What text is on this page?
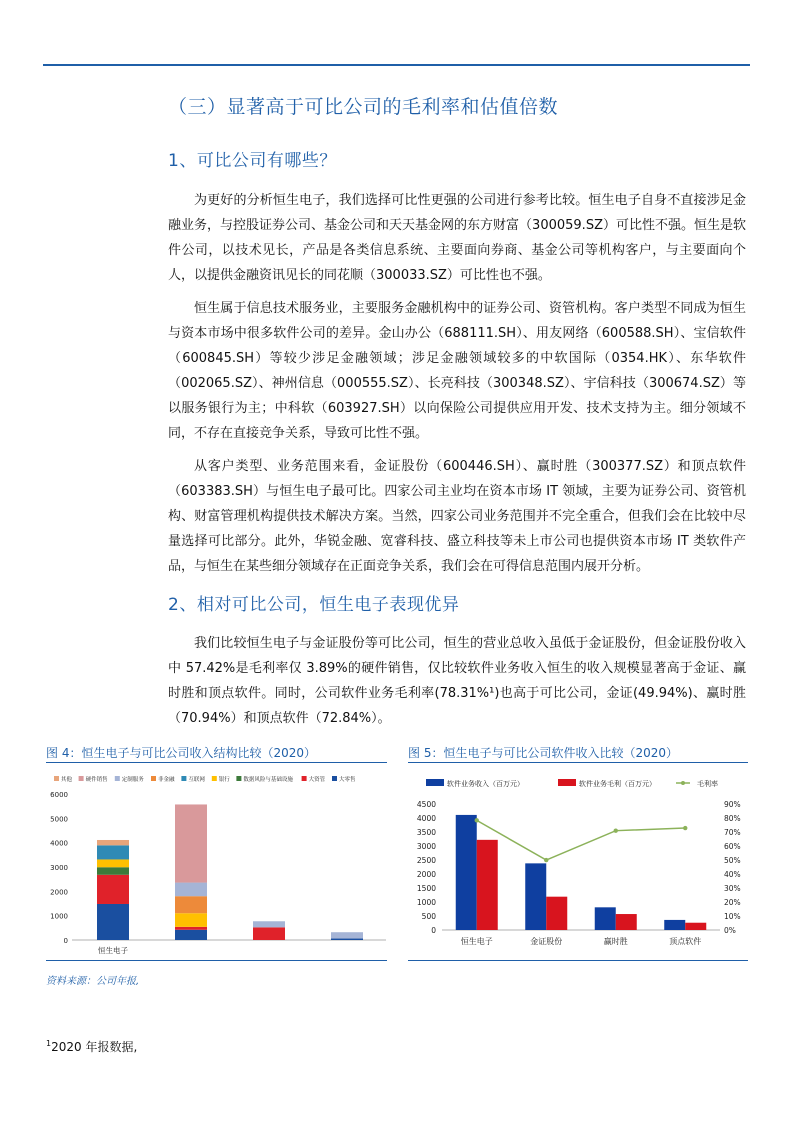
（三）显著高于可比公司的毛利率和估值倍数
1、可比公司有哪些？

为更好的分析恒生电子，我们选择可比性更强的公司进行参考比较。恒生电子自身不直接涉足金融业务，与控股证券公司、基金公司和天天基金网的东方财富（300059.SZ）可比性不强。恒生是软件公司，以技术见长，产品是各类信息系统、主要面向券商、基金公司等机构客户，与主要面向个人，以提供金融资讯见长的同花顺（300033.SZ）可比性也不强。

恒生属于信息技术服务业，主要服务金融机构中的证券公司、资管机构。客户类型不同成为恒生与资本市场中很多软件公司的差异。金山办公（688111.SH）、用友网络（600588.SH）、宝信软件（600845.SH）等较少涉足金融领域；涉足金融领域较多的中软国际（0354.HK）、东华软件（002065.SZ）、神州信息（000555.SZ）、长亮科技（300348.SZ）、宇信科技（300674.SZ）等以服务银行为主；中科软（603927.SH）以向保险公司提供应用开发、技术支持为主。细分领域不同，不存在直接竞争关系，导致可比性不强。

从客户类型、业务范围来看，金证股份（600446.SH）、赢时胜（300377.SZ）和顶点软件（603383.SH）与恒生电子最可比。四家公司主业均在资本市场 IT 领域，主要为证券公司、资管机构、财富管理机构提供技术解决方案。当然，四家公司业务范围并不完全重合，但我们会在比较中尽量选择可比部分。此外，华锐金融、宽睿科技、盛立科技等未上市公司也提供资本市场 IT 类软件产品，与恒生在某些细分领域存在正面竞争关系，我们会在可得信息范围内展开分析。

2、相对可比公司，恒生电子表现优异

我们比较恒生电子与金证股份等可比公司，恒生的营业总收入虽低于金证股份，但金证股份收入中 57.42%是毛利率仅 3.89%的硬件销售，仅比较软件业务收入恒生的收入规模显著高于金证、赢时胜和顶点软件。同时，公司软件业务毛利率(78.31%¹)也高于可比公司，金证(49.94%)、赢时胜（70.94%）和顶点软件（72.84%）。

图 4：恒生电子与可比公司收入结构比较（2020）
其他 硬件销售	定制服务	非金融	互联网	银行 数据风险与基础设施	大资管	大零售
0
1000
2000
3000
4000
5000
6000
恒生电子
图 5：恒生电子与可比公司软件收入比较（2020）
软件业务收入（百万元）	软件业务毛利（百万元）	毛利率
0
500
1000
1500
2000
2500
3000
3500
4000
4500
0%
10%
20%
30%
40%
50%
60%
70%
80%
90%
恒生电子	金证股份	赢时胜	顶点软件
资料来源：公司年报,
$^1$2020 年报数据,
